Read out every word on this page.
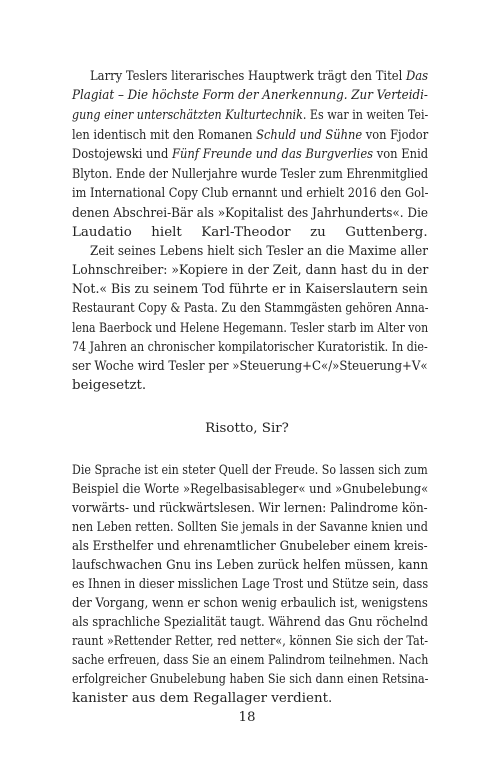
Larry Teslers literarisches Hauptwerk trägt den Titel Das
Plagiat – Die höchste Form der Anerkennung. Zur Verteidi-
gung einer unterschätzten Kulturtechnik. Es war in weiten Tei-
len identisch mit den Romanen Schuld und Sühne von Fjodor
Dostojewski und Fünf Freunde und das Burgverlies von Enid
Blyton. Ende der Nullerjahre wurde Tesler zum Ehrenmitglied
im International Copy Club ernannt und erhielt 2016 den Gol-
denen Abschrei-Bär als »Kopitalist des Jahrhunderts«. Die
Laudatio hielt Karl-Theodor zu Guttenberg.
Zeit seines Lebens hielt sich Tesler an die Maxime aller
Lohnschreiber: »Kopiere in der Zeit, dann hast du in der
Not.« Bis zu seinem Tod führte er in Kaiserslautern sein
Restaurant Copy & Pasta. Zu den Stammgästen gehören Anna-
lena Baerbock und Helene Hegemann. Tesler starb im Alter von
74 Jahren an chronischer kompilatorischer Kuratoristik. In die-
ser Woche wird Tesler per »Steuerung+C«/»Steuerung+V«
beigesetzt.
Risotto, Sir?
Die Sprache ist ein steter Quell der Freude. So lassen sich zum
Beispiel die Worte »Regelbasisableger« und »Gnubelebung«
vorwärts- und rückwärtslesen. Wir lernen: Palindrome kön-
nen Leben retten. Sollten Sie jemals in der Savanne knien und
als Ersthelfer und ehrenamtlicher Gnubeleber einem kreis-
laufschwachen Gnu ins Leben zurück helfen müssen, kann
es Ihnen in dieser misslichen Lage Trost und Stütze sein, dass
der Vorgang, wenn er schon wenig erbaulich ist, wenigstens
als sprachliche Spezialität taugt. Während das Gnu röchelnd
raunt »Rettender Retter, red netter«, können Sie sich der Tat-
sache erfreuen, dass Sie an einem Palindrom teilnehmen. Nach
erfolgreicher Gnubelebung haben Sie sich dann einen Retsina-
kanister aus dem Regallager verdient.
18
